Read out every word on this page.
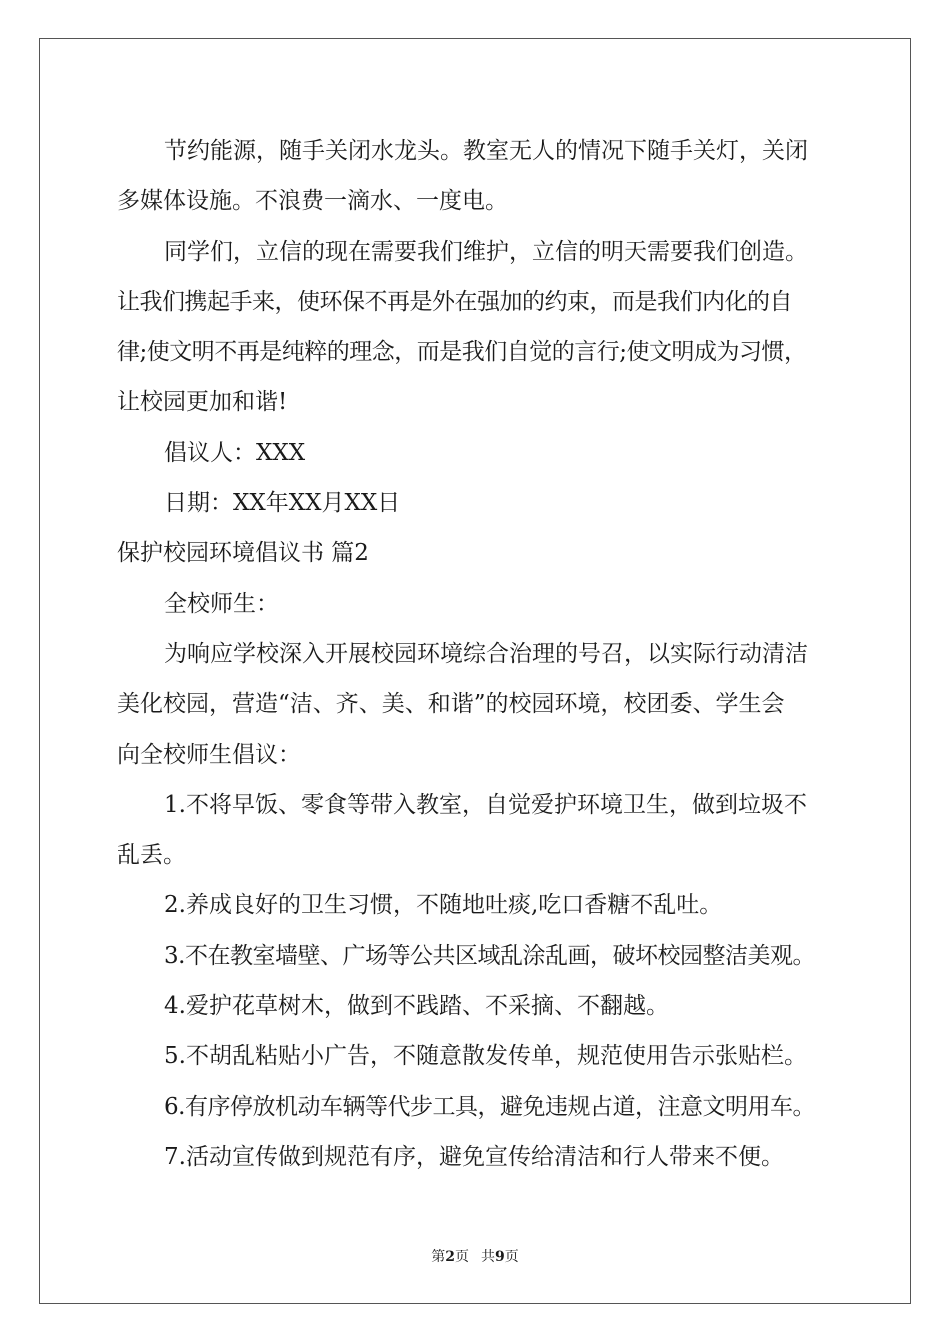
节约能源，随手关闭水龙头。教室无人的情况下随手关灯，关闭
多媒体设施。不浪费一滴水、一度电。
同学们，立信的现在需要我们维护，立信的明天需要我们创造。
让我们携起手来，使环保不再是外在强加的约束，而是我们内化的自
律;使文明不再是纯粹的理念，而是我们自觉的言行;使文明成为习惯，
让校园更加和谐!
倡议人：XXX
日期：XX年XX月XX日
保护校园环境倡议书 篇2
全校师生：
为响应学校深入开展校园环境综合治理的号召，以实际行动清洁
美化校园，营造“洁、齐、美、和谐”的校园环境，校团委、学生会
向全校师生倡议：
1.不将早饭、零食等带入教室，自觉爱护环境卫生，做到垃圾不
乱丢。
2.养成良好的卫生习惯，不随地吐痰,吃口香糖不乱吐。
3.不在教室墙壁、广场等公共区域乱涂乱画，破坏校园整洁美观。
4.爱护花草树木，做到不践踏、不采摘、不翻越。
5.不胡乱粘贴小广告，不随意散发传单，规范使用告示张贴栏。
6.有序停放机动车辆等代步工具，避免违规占道，注意文明用车。
7.活动宣传做到规范有序，避免宣传给清洁和行人带来不便。
第2页 共9页
